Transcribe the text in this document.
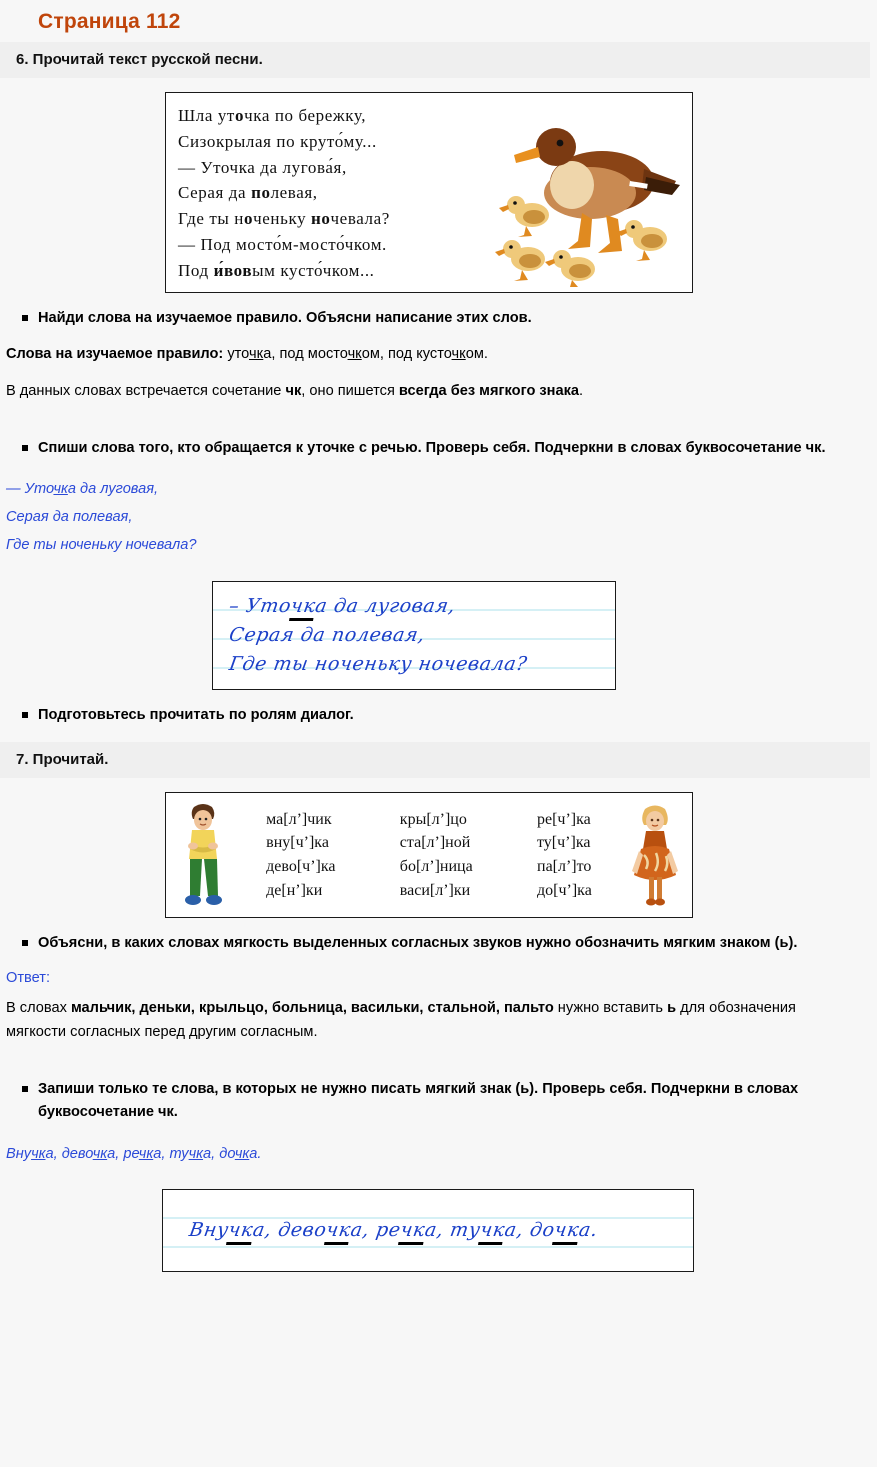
Страница 112
6. Прочитай текст русской песни.
Шла уточка по бережку,
Сизокрылая по круто́му...
— Уточка да лугова́я,
Серая да полевая,
Где ты ноченьку ночевала?
— Под мосто́м-мосто́чком.
Под и́вовым кусто́чком...
Найди слова на изучаемое правило. Объясни написание этих слов.
Слова на изучаемое правило: уточка, под мосточком, под кусточком.
В данных словах встречается сочетание чк, оно пишется всегда без мягкого знака.
Спиши слова того, кто обращается к уточке с речью. Проверь себя. Подчеркни в словах буквосочетание чк.
— Уточка да луговая,
Серая да полевая,
Где ты ноченьку ночевала?
– Уточка да луговая,
Серая да полевая,
Где ты ноченьку ночевала?
Подготовьтесь прочитать по ролям диалог.
7. Прочитай.
ма[л’]чик
вну[ч’]ка
дево[ч’]ка
де[н’]ки
кры[л’]цо
ста[л’]ной
бо[л’]ница
васи[л’]ки
ре[ч’]ка
ту[ч’]ка
па[л’]то
до[ч’]ка
Объясни, в каких словах мягкость выделенных согласных звуков нужно обозначить мягким знаком (ь).
Ответ:
В словах мальчик, деньки, крыльцо, больница, васильки, стальной, пальто нужно вставить ь для обозначения мягкости согласных перед другим согласным.
Запиши только те слова, в которых не нужно писать мягкий знак (ь). Проверь себя. Подчеркни в словах буквосочетание чк.
Внучка, девочка, речка, тучка, дочка.
Внучка, девочка, речка, тучка, дочка.
